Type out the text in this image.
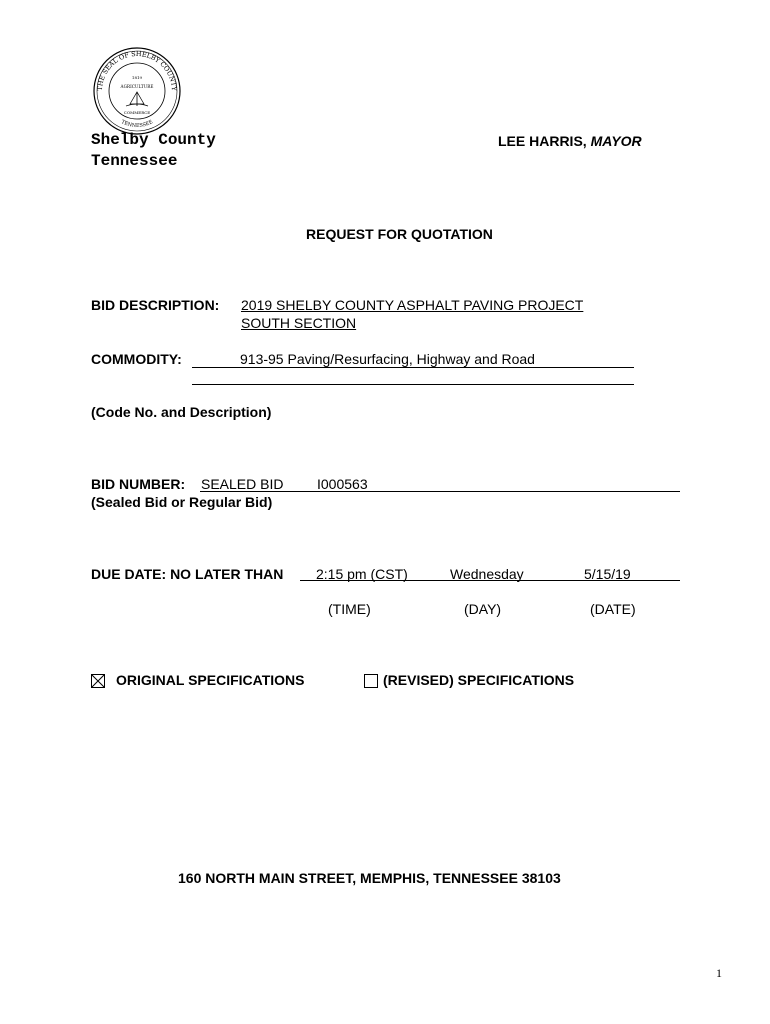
THE SEAL OF SHELBY COUNTY
TENNESSEE
1819
AGRICULTURE
COMMERCE
Shelby County
Tennessee
LEE HARRIS, MAYOR
REQUEST FOR QUOTATION
BID DESCRIPTION: 2019 SHELBY COUNTY ASPHALT PAVING PROJECT
SOUTH SECTION
COMMODITY:	913-95 Paving/Resurfacing, Highway and Road
(Code No. and Description)
BID NUMBER: SEALED BID I000563
(Sealed Bid or Regular Bid)
DUE DATE: NO LATER THAN 2:15 pm (CST)	Wednesday	5/15/19
(TIME)	(DAY)	(DATE)
ORIGINAL SPECIFICATIONS	(REVISED) SPECIFICATIONS
160 NORTH MAIN STREET, MEMPHIS, TENNESSEE 38103
1
